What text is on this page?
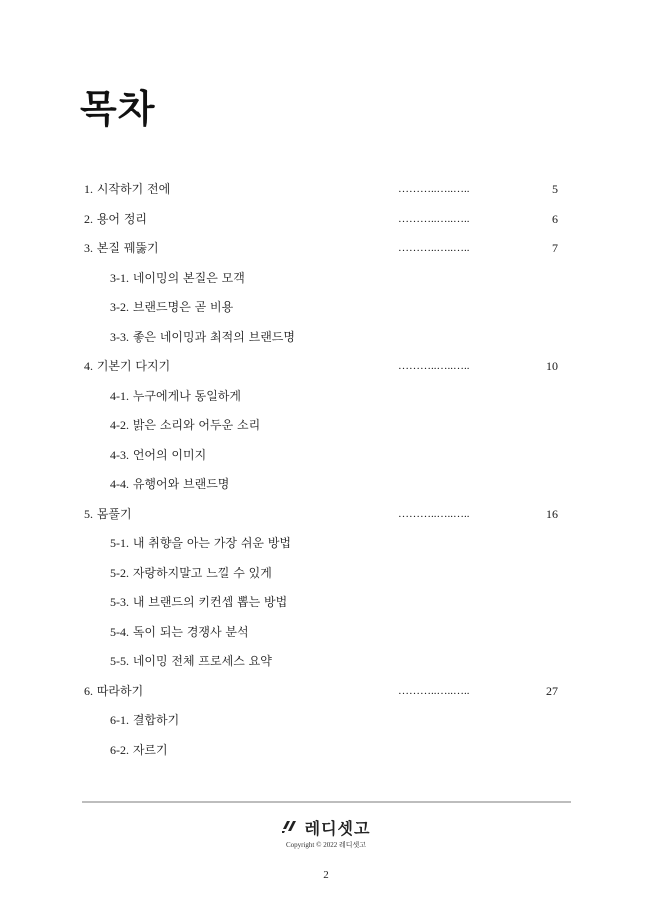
목차
1. 시작하기 전에	………..…..…..	5
2. 용어 정리	………..…..…..	6
3. 본질 꿰뚫기	………..…..…..	7
3-1. 네이밍의 본질은 모객
3-2. 브랜드명은 곧 비용
3-3. 좋은 네이밍과 최적의 브랜드명
4. 기본기 다지기	………..…..…..	10
4-1. 누구에게나 동일하게
4-2. 밝은 소리와 어두운 소리
4-3. 언어의 이미지
4-4. 유행어와 브랜드명
5. 몸풀기	………..…..…..	16
5-1. 내 취향을 아는 가장 쉬운 방법
5-2. 자랑하지말고 느낄 수 있게
5-3. 내 브랜드의 키컨셉 뽑는 방법
5-4. 독이 되는 경쟁사 분석
5-5. 네이밍 전체 프로세스 요약
6. 따라하기	………..…..…..	27
6-1. 결합하기
6-2. 자르기
레디셋고
Copyright © 2022 레디셋고
2
